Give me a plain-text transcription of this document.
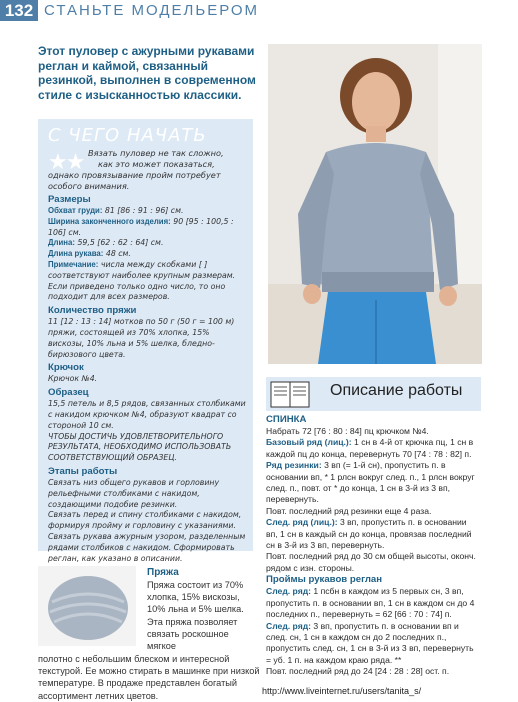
132 СТАНЬТЕ МОДЕЛЬЕРОМ
Этот пуловер с ажурными рукавами реглан и каймой, связанный резинкой, выполнен в современном стиле с изысканностью классики.
С ЧЕГО НАЧАТЬ
★★ Вязать пуловер не так сложно,
как это может показаться,
однако провязывание пройм потребует особого внимания.
Размеры
Обхват груди: 81 [86 : 91 : 96] см.
Ширина законченного изделия: 90 [95 : 100,5 : 106] см.
Длина: 59,5 [62 : 62 : 64] см.
Длина рукава: 48 см.
Примечание: числа между скобками [ ] соответствуют наиболее крупным размерам. Если приведено только одно число, то оно подходит для всех размеров.
Количество пряжи
11 [12 : 13 : 14] мотков по 50 г (50 г = 100 м) пряжи, состоящей из 70% хлопка, 15% вискозы, 10% льна и 5% шелка, бледно-бирюзового цвета.
Крючок
Крючок №4.
Образец
15,5 петель и 8,5 рядов, связанных столбиками с накидом крючком №4, образуют квадрат со стороной 10 см.
ЧТОБЫ ДОСТИЧЬ УДОВЛЕТВОРИТЕЛЬНОГО РЕЗУЛЬТАТА, НЕОБХОДИМО ИСПОЛЬЗОВАТЬ СООТВЕТСТВУЮЩИЙ ОБРАЗЕЦ.
Этапы работы
Связать низ общего рукавов и горловину рельефными столбиками с накидом, создающими подобие резинки.
Связать перед и спину столбиками с накидом, формируя пройму и горловину с указаниями.
Связать рукава ажурным узором, разделенным рядами столбиков с накидом. Сформировать реглан, как указано в описании.
Пряжа
Пряжа состоит из 70% хлопка, 15% вискозы, 10% льна и 5% шелка. Эта пряжа позволяет связать роскошное мягкое
полотно с небольшим блеском и интересной текстурой. Ее можно стирать в машинке при низкой температуре. В продаже представлен богатый ассортимент летних цветов.
Описание работы
СПИНКА

Набрать 72 [76 : 80 : 84] пц крючком №4.

Базовый ряд (лиц.): 1 сн в 4-й от крючка пц, 1 сн в каждой пц до конца, перевернуть 70 [74 : 78 : 82] п.

Ряд резинки: 3 вп (= 1-й сн), пропустить п. в основании вп, * 1 рлсн вокруг след. п., 1 рлсн вокруг след. п., повт. от * до конца, 1 сн в 3-й из 3 вп, перевернуть.

Повт. последний ряд резинки еще 4 раза.

След. ряд (лиц.): 3 вп, пропустить п. в основании вп, 1 сн в каждый сн до конца, провязав последний сн в 3-й из 3 вп, перевернуть.

Повт. последний ряд до 30 см общей высоты, оконч. рядом с изн. стороны.

Проймы рукавов реглан

След. ряд: 1 псбн в каждом из 5 первых сн, 3 вп, пропустить п. в основании вп, 1 сн в каждом сн до 4 последних п., перевернуть = 62 [66 : 70 : 74] п.

След. ряд: 3 вп, пропустить п. в основании вп и след. сн, 1 сн в каждом сн до 2 последних п., пропустить след. сн, 1 сн в 3-й из 3 вп, перевернуть = уб. 1 п. на каждом краю ряда. **

Повт. последний ряд до 24 [24 : 28 : 28] ост. п.

http://www.liveinternet.ru/users/tanita_s/
